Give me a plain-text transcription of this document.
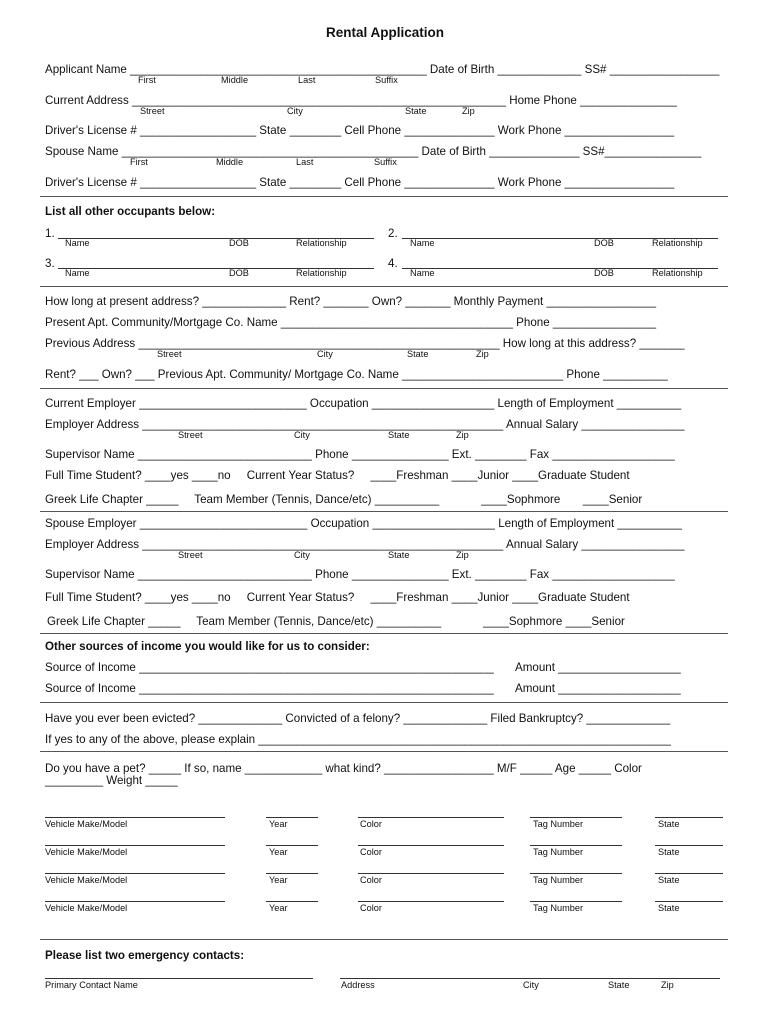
Rental Application
Applicant Name ______________________________________________ Date of Birth _____________ SS# _________________
First	Middle	Last	Suffix
Current Address __________________________________________________________ Home Phone _______________
Street	City	State	Zip
Driver's License # __________________ State ________ Cell Phone ______________ Work Phone _________________
Spouse Name ______________________________________________ Date of Birth ______________ SS#_______________
First	Middle	Last	Suffix
Driver's License # __________________ State ________ Cell Phone ______________ Work Phone _________________
List all other occupants below:
1.	2.
Name	DOB	Relationship	Name	DOB	Relationship
3.	4.
Name	DOB	Relationship	Name	DOB	Relationship
How long at present address? _____________ Rent? _______ Own? _______ Monthly Payment _________________
Present Apt. Community/Mortgage Co. Name ____________________________________ Phone ________________
Previous Address ________________________________________________________ How long at this address? _______
Street	City	State	Zip
Rent? ___ Own? ___ Previous Apt. Community/ Mortgage Co. Name _________________________ Phone __________
Current Employer __________________________ Occupation ___________________ Length of Employment __________
Employer Address ________________________________________________________ Annual Salary ________________
Street	City	State	Zip
Supervisor Name ___________________________ Phone _______________ Ext. ________ Fax ___________________
Full Time Student? ____yes ____no     Current Year Status?     ____Freshman ____Junior ____Graduate Student
Greek Life Chapter _____     Team Member (Tennis, Dance/etc) __________             ____Sophmore       ____Senior
Spouse Employer __________________________ Occupation ___________________ Length of Employment __________
Employer Address ________________________________________________________ Annual Salary ________________
Street	City	State	Zip
Supervisor Name ___________________________ Phone _______________ Ext. ________ Fax ___________________
Full Time Student? ____yes ____no     Current Year Status?     ____Freshman ____Junior ____Graduate Student
Greek Life Chapter _____     Team Member (Tennis, Dance/etc) __________             ____Sophmore ____Senior
Other sources of income you would like for us to consider:
Source of Income _______________________________________________________ Amount ___________________
Source of Income _______________________________________________________ Amount ___________________
Have you ever been evicted? _____________ Convicted of a felony? _____________ Filed Bankruptcy? _____________
If yes to any of the above, please explain ________________________________________________________________
Do you have a pet? _____ If so, name ____________ what kind? _________________ M/F _____ Age _____ Color
_________ Weight _____
Vehicle Make/Model	Year	Color	Tag Number	State
Vehicle Make/Model	Year	Color	Tag Number	State
Vehicle Make/Model	Year	Color	Tag Number	State
Vehicle Make/Model	Year	Color	Tag Number	State
Please list two emergency contacts:
Primary Contact Name	Address	City	State	Zip
